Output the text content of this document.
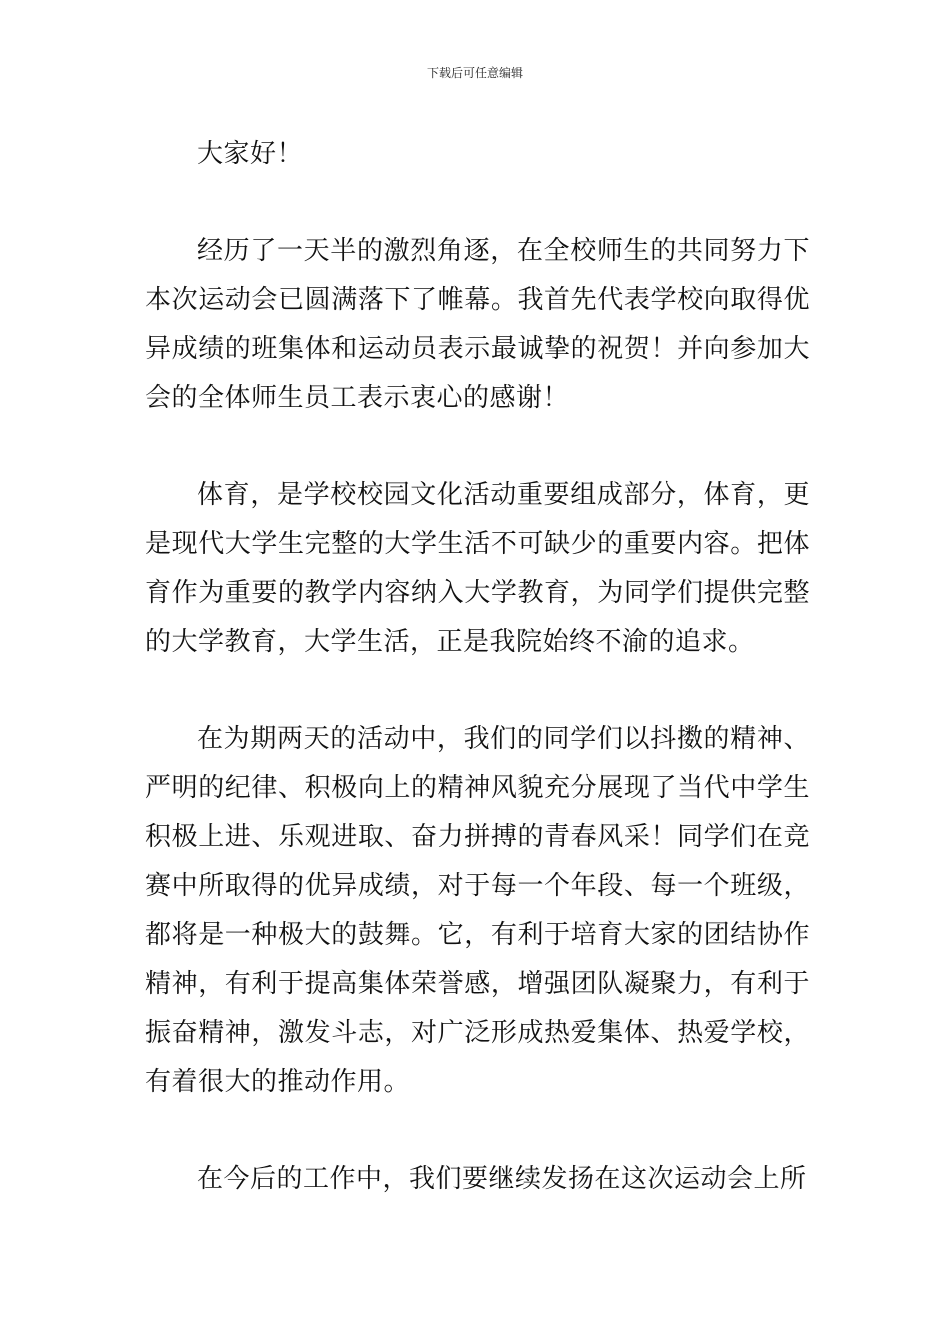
下载后可任意编辑

大家好！

经历了一天半的激烈角逐，在全校师生的共同努力下本次运动会已圆满落下了帷幕。我首先代表学校向取得优异成绩的班集体和运动员表示最诚挚的祝贺！并向参加大会的全体师生员工表示衷心的感谢！

体育，是学校校园文化活动重要组成部分，体育，更是现代大学生完整的大学生活不可缺少的重要内容。把体育作为重要的教学内容纳入大学教育，为同学们提供完整的大学教育，大学生活，正是我院始终不渝的追求。

在为期两天的活动中，我们的同学们以抖擞的精神、严明的纪律、积极向上的精神风貌充分展现了当代中学生积极上进、乐观进取、奋力拼搏的青春风采！同学们在竞赛中所取得的优异成绩，对于每一个年段、每一个班级，都将是一种极大的鼓舞。它，有利于培育大家的团结协作精神，有利于提高集体荣誉感，增强团队凝聚力，有利于振奋精神，激发斗志，对广泛形成热爱集体、热爱学校，有着很大的推动作用。

在今后的工作中，我们要继续发扬在这次运动会上所
